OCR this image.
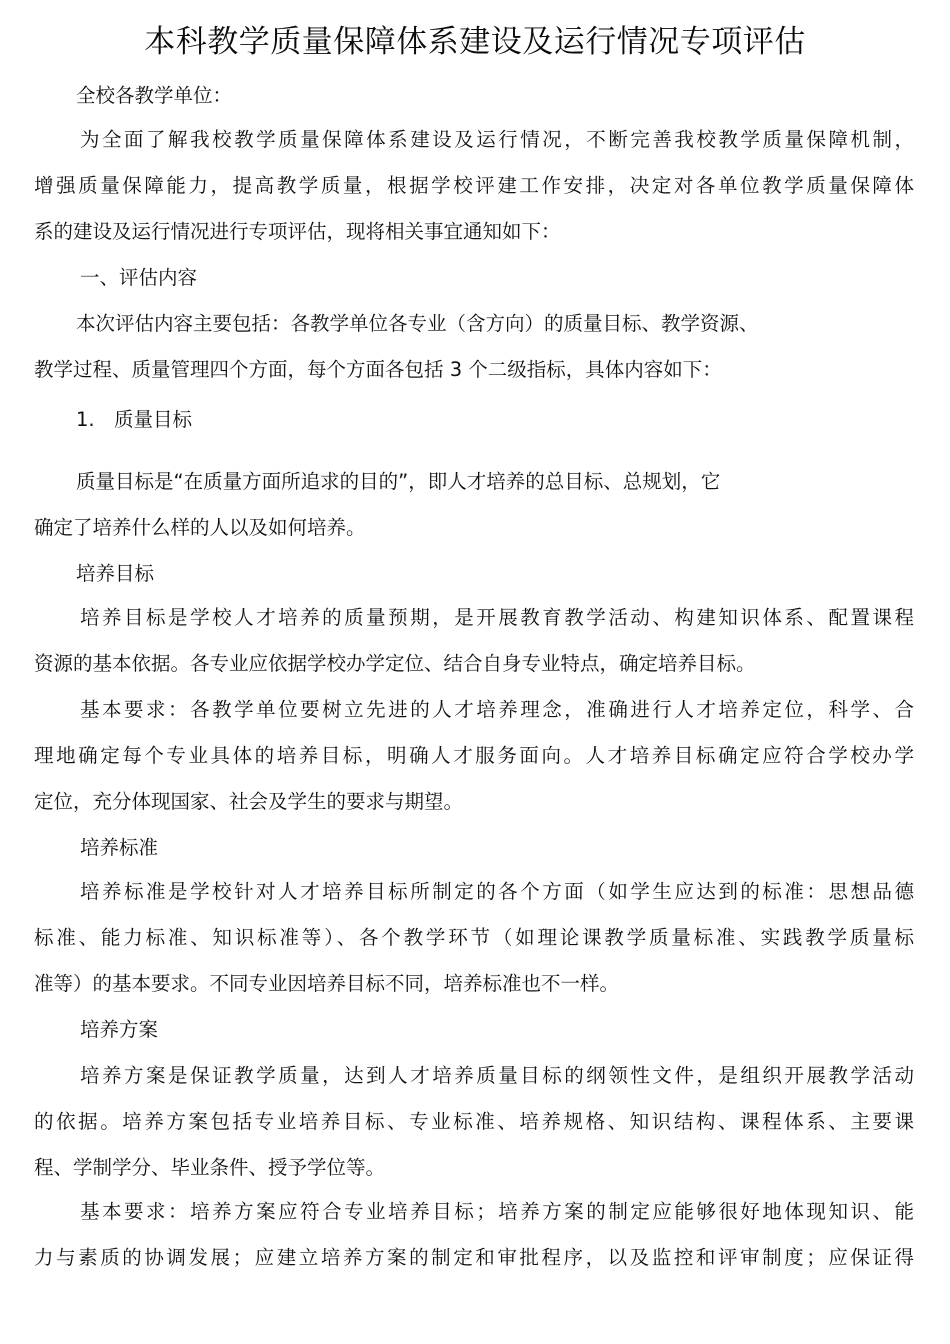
本科教学质量保障体系建设及运行情况专项评估
全校各教学单位：
为全面了解我校教学质量保障体系建设及运行情况，不断完善我校教学质量保障机制，
增强质量保障能力，提高教学质量，根据学校评建工作安排，决定对各单位教学质量保障体
系的建设及运行情况进行专项评估，现将相关事宜通知如下：
一、评估内容
本次评估内容主要包括：各教学单位各专业（含方向）的质量目标、教学资源、
教学过程、质量管理四个方面，每个方面各包括 3 个二级指标，具体内容如下：
1. 质量目标
质量目标是“在质量方面所追求的目的”，即人才培养的总目标、总规划，它
确定了培养什么样的人以及如何培养。
培养目标
培养目标是学校人才培养的质量预期，是开展教育教学活动、构建知识体系、配置课程
资源的基本依据。各专业应依据学校办学定位、结合自身专业特点，确定培养目标。
基本要求：各教学单位要树立先进的人才培养理念，准确进行人才培养定位，科学、合
理地确定每个专业具体的培养目标，明确人才服务面向。人才培养目标确定应符合学校办学
定位，充分体现国家、社会及学生的要求与期望。
培养标准
培养标准是学校针对人才培养目标所制定的各个方面（如学生应达到的标准：思想品德
标准、能力标准、知识标准等）、各个教学环节（如理论课教学质量标准、实践教学质量标
准等）的基本要求。不同专业因培养目标不同，培养标准也不一样。
培养方案
培养方案是保证教学质量，达到人才培养质量目标的纲领性文件，是组织开展教学活动
的依据。培养方案包括专业培养目标、专业标准、培养规格、知识结构、课程体系、主要课
程、学制学分、毕业条件、授予学位等。
基本要求：培养方案应符合专业培养目标；培养方案的制定应能够很好地体现知识、能
力与素质的协调发展；应建立培养方案的制定和审批程序，以及监控和评审制度；应保证得
